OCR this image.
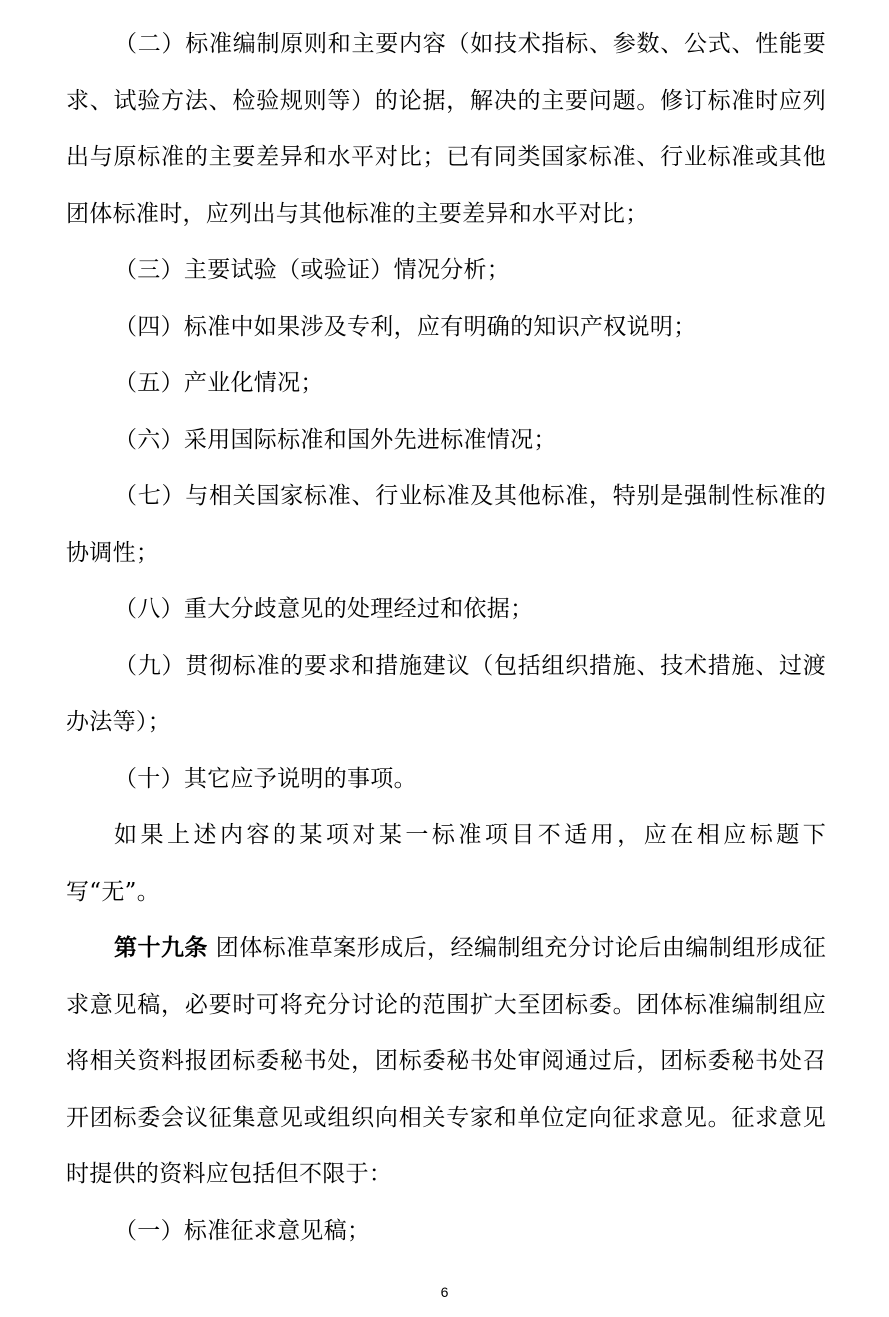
（二）标准编制原则和主要内容（如技术指标、参数、公式、性能要求、试验方法、检验规则等）的论据，解决的主要问题。修订标准时应列出与原标准的主要差异和水平对比；已有同类国家标准、行业标准或其他团体标准时，应列出与其他标准的主要差异和水平对比；

（三）主要试验（或验证）情况分析；

（四）标准中如果涉及专利，应有明确的知识产权说明；

（五）产业化情况；

（六）采用国际标准和国外先进标准情况；

（七）与相关国家标准、行业标准及其他标准，特别是强制性标准的协调性；

（八）重大分歧意见的处理经过和依据；

（九）贯彻标准的要求和措施建议（包括组织措施、技术措施、过渡办法等）；

（十）其它应予说明的事项。

如果上述内容的某项对某一标准项目不适用，应在相应标题下写“无”。

第十九条 团体标准草案形成后，经编制组充分讨论后由编制组形成征求意见稿，必要时可将充分讨论的范围扩大至团标委。团体标准编制组应将相关资料报团标委秘书处，团标委秘书处审阅通过后，团标委秘书处召开团标委会议征集意见或组织向相关专家和单位定向征求意见。征求意见时提供的资料应包括但不限于：

（一）标准征求意见稿；

6
